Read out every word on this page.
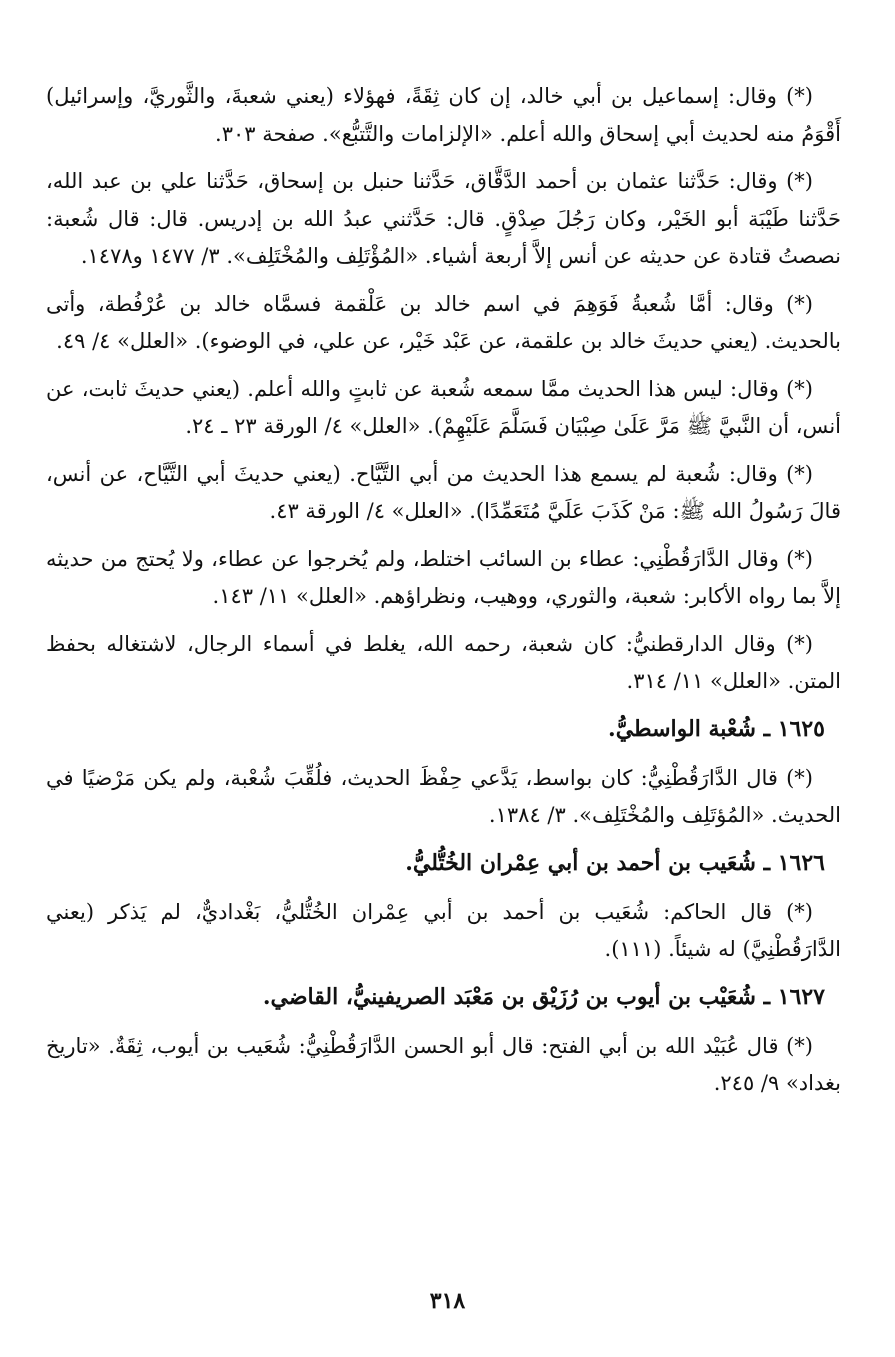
(*) وقال: إسماعيل بن أبي خالد، إن كان ثِقَةً، فهؤلاء (يعني شعبةَ، والثَّوريَّ، وإسرائيل) أَقْوَمُ منه لحديث أبي إسحاق والله أعلم. «الإلزامات والتَّتبُّع». صفحة ٣٠٣.

(*) وقال: حَدَّثنا عثمان بن أحمد الدَّقَّاق، حَدَّثنا حنبل بن إسحاق، حَدَّثنا علي بن عبد الله، حَدَّثنا طَيْبَة أبو الخَيْر، وكان رَجُلَ صِدْقٍ. قال: حَدَّثني عبدُ الله بن إدريس. قال: قال شُعبة: نصصتُ قتادة عن حديثه عن أنس إلاَّ أربعة أشياء. «المُؤْتَلِف والمُخْتَلِف». ٣/ ١٤٧٧ و١٤٧٨.

(*) وقال: أمَّا شُعبةُ فَوَهِمَ في اسم خالد بن عَلْقمة فسمَّاه خالد بن عُرْفُطة، وأتى بالحديث. (يعني حديثَ خالد بن علقمة، عن عَبْد خَيْر، عن علي، في الوضوء). «العلل» ٤/ ٤٩.

(*) وقال: ليس هذا الحديث ممَّا سمعه شُعبة عن ثابتٍ والله أعلم. (يعني حديثَ ثابت، عن أنس، أن النَّبيَّ ﷺ مَرَّ عَلَىٰ صِبْيَان فَسَلَّمَ عَلَيْهِمْ). «العلل» ٤/ الورقة ٢٣ ـ ٢٤.

(*) وقال: شُعبة لم يسمع هذا الحديث من أبي التَّيَّاح. (يعني حديثَ أبي التَّيَّاح، عن أنس، قالَ رَسُولُ الله ﷺ: مَنْ كَذَبَ عَلَيَّ مُتَعَمِّدًا). «العلل» ٤/ الورقة ٤٣.

(*) وقال الدَّارَقُطْنِي: عطاء بن السائب اختلط، ولم يُخرجوا عن عطاء، ولا يُحتج من حديثه إلاَّ بما رواه الأكابر: شعبة، والثوري، ووهيب، ونظراؤهم. «العلل» ١١/ ١٤٣.

(*) وقال الدارقطنيُّ: كان شعبة، رحمه الله، يغلط في أسماء الرجال، لاشتغاله بحفظ المتن. «العلل» ١١/ ٣١٤.

١٦٢٥ ـ شُعْبة الواسطيُّ.

(*) قال الدَّارَقُطْنِيُّ: كان بواسط، يَدَّعي حِفْظَ الحديث، فلُقِّبَ شُعْبة، ولم يكن مَرْضيًا في الحديث. «المُؤتَلِف والمُخْتَلِف». ٣/ ١٣٨٤.

١٦٢٦ ـ شُعَيب بن أحمد بن أبي عِمْران الخُتُّليُّ.

(*) قال الحاكم: شُعَيب بن أحمد بن أبي عِمْران الخُتُّليُّ، بَغْداديٌّ، لم يَذكر (يعني الدَّارَقُطْنِيَّ) له شيئاً. (١١١).

١٦٢٧ ـ شُعَيْب بن أيوب بن رُزَيْق بن مَعْبَد الصريفينيُّ، القاضي.

(*) قال عُبَيْد الله بن أبي الفتح: قال أبو الحسن الدَّارَقُطْنِيُّ: شُعَيب بن أيوب، ثِقَةٌ. «تاريخ بغداد» ٩/ ٢٤٥.

٣١٨
